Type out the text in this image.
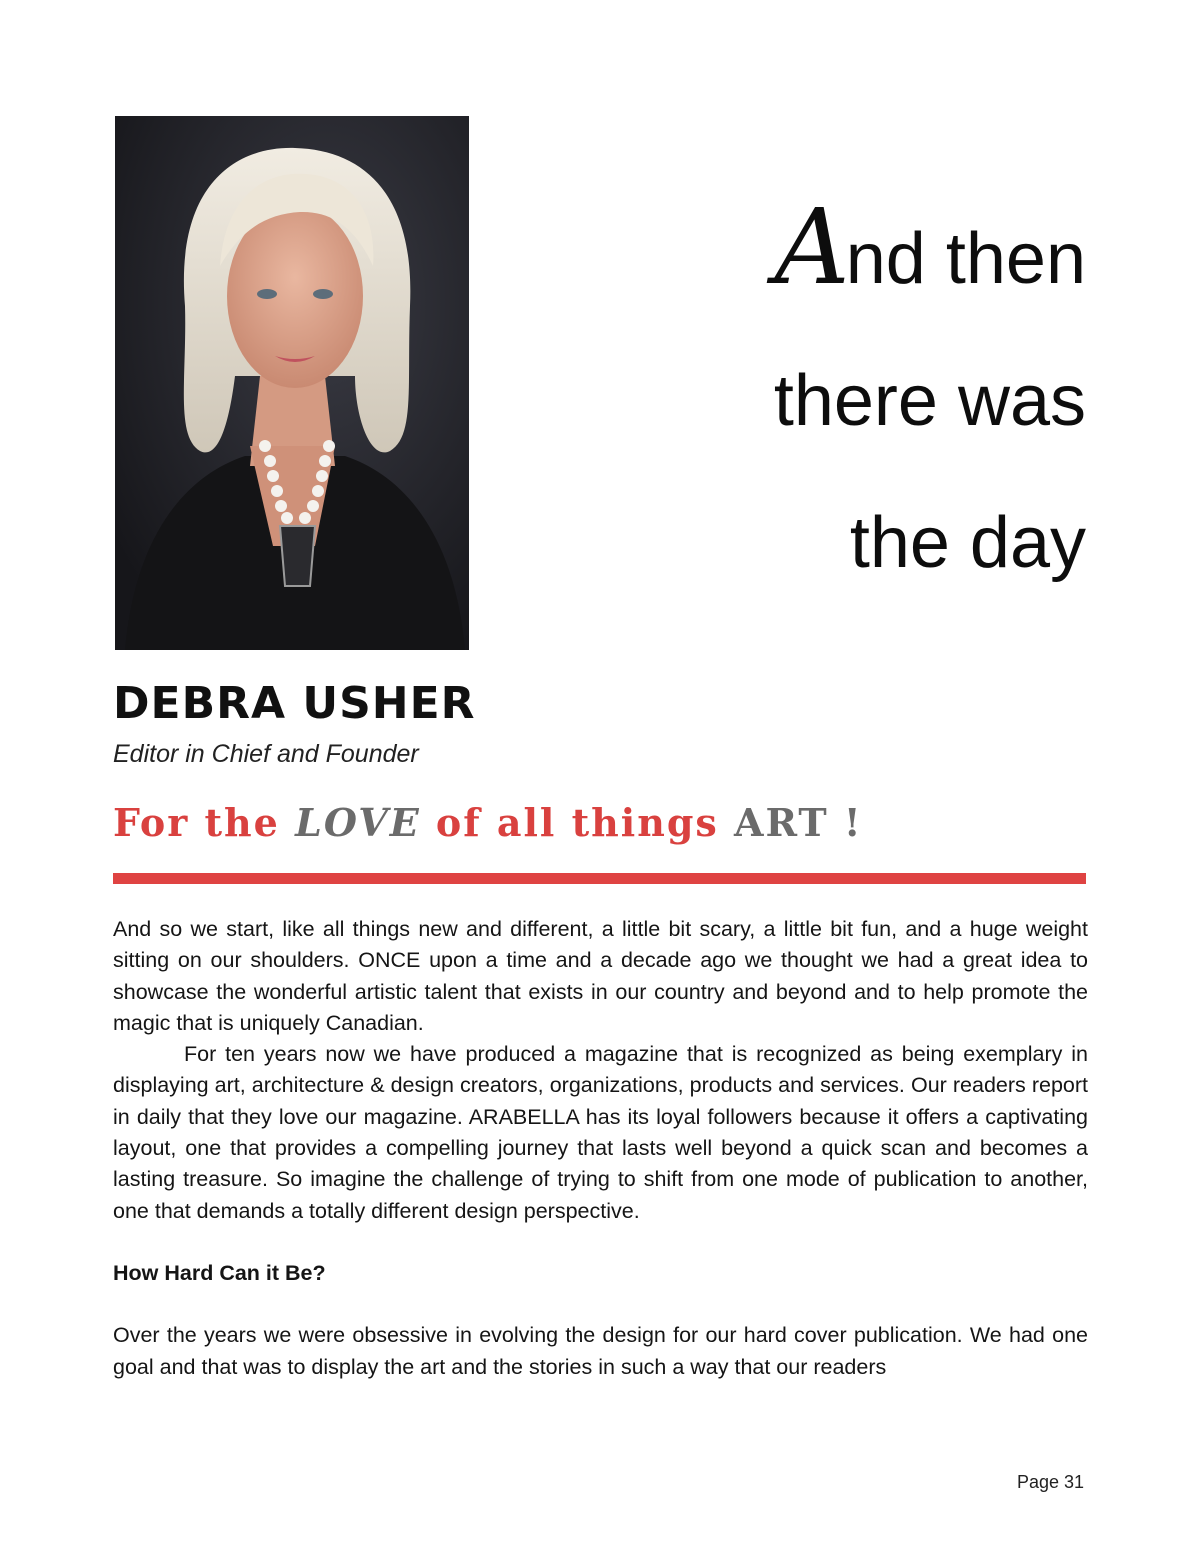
And then
there was
the day
DEBRA USHER
Editor in Chief and Founder
For the LOVE of all things ART !

And so we start, like all things new and different, a little bit scary, a little bit fun, and a huge weight sitting on our shoulders. ONCE upon a time and a decade ago we thought we had a great idea to showcase the wonderful artistic talent that exists in our country and beyond and to help promote the magic that is uniquely Canadian.

For ten years now we have produced a magazine that is recognized as being exemplary in displaying art, architecture & design creators, organizations, products and services. Our readers report in daily that they love our magazine. ARABELLA has its loyal followers because it offers a captivating layout, one that provides a compelling journey that lasts well beyond a quick scan and becomes a lasting treasure. So imagine the challenge of trying to shift from one mode of publication to another, one that demands a totally different design perspective.

How Hard Can it Be?

Over the years we were obsessive in evolving the design for our hard cover publication. We had one goal and that was to display the art and the stories in such a way that our readers

Page 31
